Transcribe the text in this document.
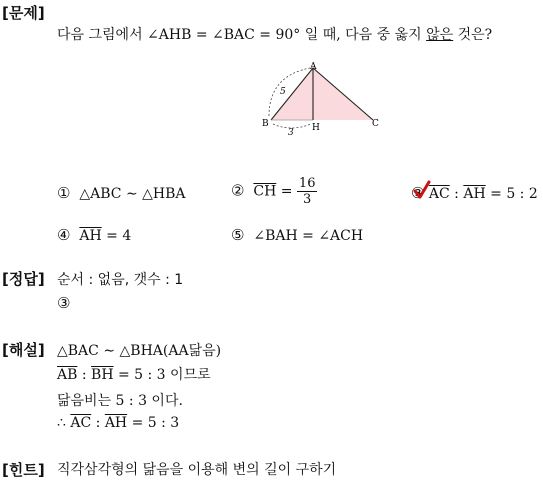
[문제]
다음 그림에서 ∠AHB = ∠BAC = 90° 일 때, 다음 중 옳지 않은 것은?
A
B	H	C
5
3
① △ABC ∼ △HBA	② $\overline{CH} = \frac{16}{3}$	③ $\overline{AC}$ : $\overline{AH} = 5$ : 2
④ $\overline{AH} = 4$	⑤ ∠BAH = ∠ACH
[정답] 순서 : 없음, 갯수 : 1
③
[해설] △BAC ∼ △BHA(AA닮음)
$\overline{AB}$ : $\overline{BH} = 5$ : 3 이므로
닮음비는 5 : 3 이다.
∴ $\overline{AC}$ : $\overline{AH} = 5$ : 3
[힌트] 직각삼각형의 닮음을 이용해 변의 길이 구하기
